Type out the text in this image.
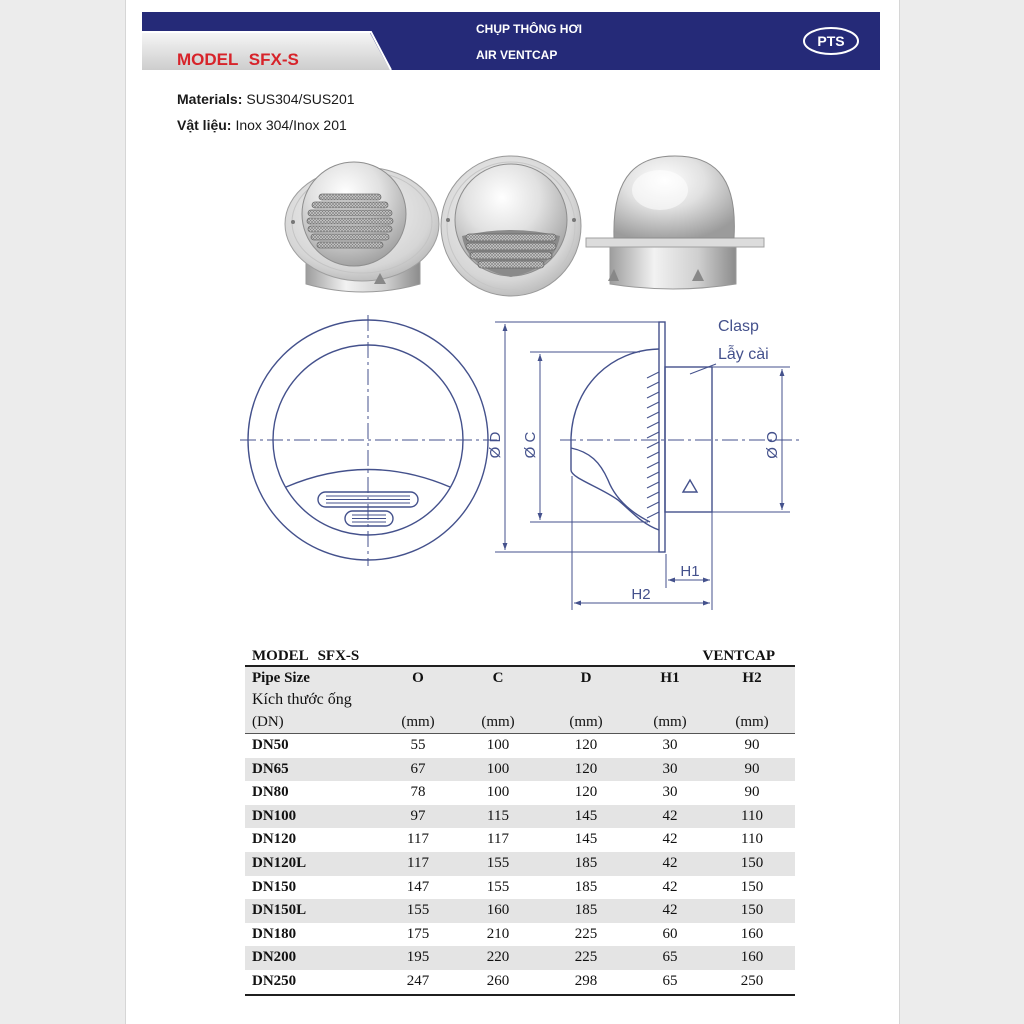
MODEL SFX-S
CHỤP THÔNG HƠI
AIR VENTCAP
PTS
Clasp
Lẫy cài
Ø D Ø C	Ø O
H1
H2
Materials: SUS304/SUS201
Vật liệu: Inox 304/Inox 201
MODEL SFX-S	VENTCAP
Pipe Size	O	C	D	H1	H2
Kích thước ống
(DN)	(mm)	(mm)	(mm)	(mm)	(mm)
DN50	55	100	120	30	90
DN65	67	100	120	30	90
DN80	78	100	120	30	90
DN100	97	115	145	42	110
DN120	117	117	145	42	110
DN120L	117	155	185	42	150
DN150	147	155	185	42	150
DN150L	155	160	185	42	150
DN180	175	210	225	60	160
DN200	195	220	225	65	160
DN250	247	260	298	65	250
